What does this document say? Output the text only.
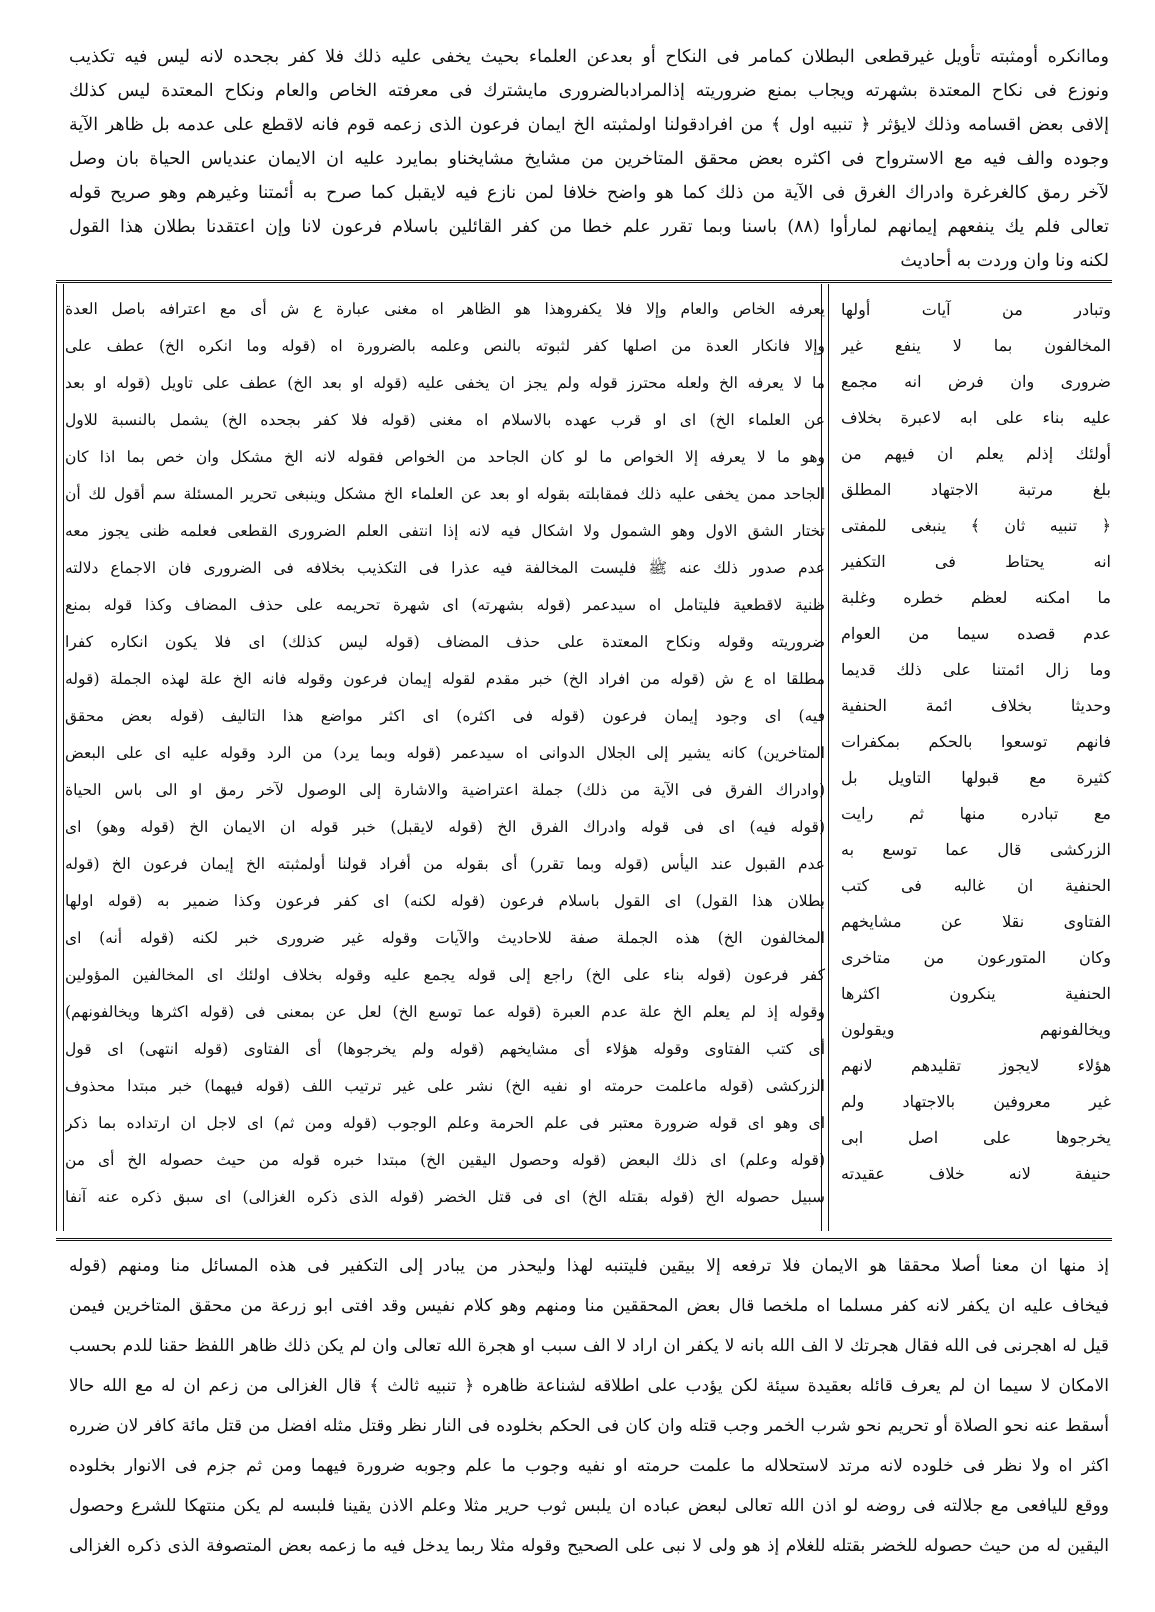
وماانكره أومثبته تأويل غيرقطعى البطلان كمامر فى النكاح أو بعدعن العلماء بحيث يخفى عليه ذلك فلا كفر بجحده لانه ليس فيه تكذيب
ونوزع فى نكاح المعتدة بشهرته ويجاب بمنع ضروريته إذالمرادبالضرورى مايشترك فى معرفته الخاص والعام ونكاح المعتدة ليس كذلك
إلافى بعض اقسامه وذلك لايؤثر ﴿ تنبيه اول ﴾ من افرادقولنا اولمثبته الخ ايمان فرعون الذى زعمه قوم فانه لاقطع على عدمه بل ظاهر الآية
وجوده والف فيه مع الاسترواح فى اكثره بعض محقق المتاخرين من مشايخ مشايخناو بمايرد عليه ان الايمان عندياس الحياة بان وصل
لآخر رمق كالغرغرة وادراك الغرق فى الآية من ذلك كما هو واضح خلافا لمن نازع فيه لايقبل كما صرح به أئمتنا وغيرهم وهو صريح قوله
تعالى فلم يك ينفعهم إيمانهم لمارأوا (٨٨) باسنا وبما تقرر علم خطا من كفر القائلين باسلام فرعون لانا وإن اعتقدنا بطلان هذا القول
لكنه ونا وان وردت به أحاديث
يعرفه الخاص والعام وإلا فلا يكفروهذا هو الظاهر اه مغنى عبارة ع ش أى مع اعترافه باصل العدة
وإلا فانكار العدة من اصلها كفر لثبوته بالنص وعلمه بالضرورة اه (قوله وما انكره الخ) عطف على
ما لا يعرفه الخ ولعله محترز قوله ولم يجز ان يخفى عليه (قوله او بعد الخ) عطف على تاويل (قوله او بعد
عن العلماء الخ) اى او قرب عهده بالاسلام اه مغنى (قوله فلا كفر بجحده الخ) يشمل بالنسبة للاول
وهو ما لا يعرفه إلا الخواص ما لو كان الجاحد من الخواص فقوله لانه الخ مشكل وان خص بما اذا كان
الجاحد ممن يخفى عليه ذلك فمقابلته بقوله او بعد عن العلماء الخ مشكل وينبغى تحرير المسئلة سم أقول لك أن
تختار الشق الاول وهو الشمول ولا اشكال فيه لانه إذا انتفى العلم الضرورى القطعى فعلمه ظنى يجوز معه
عدم صدور ذلك عنه ﷺ فليست المخالفة فيه عذرا فى التكذيب بخلافه فى الضرورى فان الاجماع دلالته
ظنية لاقطعية فليتامل اه سيدعمر (قوله بشهرته) اى شهرة تحريمه على حذف المضاف وكذا قوله بمنع
ضروريته وقوله ونكاح المعتدة على حذف المضاف (قوله ليس كذلك) اى فلا يكون انكاره كفرا
مطلقا اه ع ش (قوله من افراد الخ) خبر مقدم لقوله إيمان فرعون وقوله فانه الخ علة لهذه الجملة (قوله
فيه) اى وجود إيمان فرعون (قوله فى اكثره) اى اكثر مواضع هذا التاليف (قوله بعض محقق
المتاخرين) كانه يشير إلى الجلال الدوانى اه سيدعمر (قوله وبما يرد) من الرد وقوله عليه اى على البعض
(وادراك الفرق فى الآية من ذلك) جملة اعتراضية والاشارة إلى الوصول لآخر رمق او الى باس الحياة
(قوله فيه) اى فى قوله وادراك الفرق الخ (قوله لايقبل) خبر قوله ان الايمان الخ (قوله وهو) اى
عدم القبول عند اليأس (قوله وبما تقرر) أى بقوله من أفراد قولنا أولمثبته الخ إيمان فرعون الخ (قوله
بطلان هذا القول) اى القول باسلام فرعون (قوله لكنه) اى كفر فرعون وكذا ضمير به (قوله اولها
المخالفون الخ) هذه الجملة صفة للاحاديث والآيات وقوله غير ضرورى خبر لكنه (قوله أنه) اى
كفر فرعون (قوله بناء على الخ) راجع إلى قوله يجمع عليه وقوله بخلاف اولئك اى المخالفين المؤولين
وقوله إذ لم يعلم الخ علة عدم العبرة (قوله عما توسع الخ) لعل عن بمعنى فى (قوله اكثرها ويخالفونهم)
أى كتب الفتاوى وقوله هؤلاء أى مشايخهم (قوله ولم يخرجوها) أى الفتاوى (قوله انتهى) اى قول
الزركشى (قوله ماعلمت حرمته او نفيه الخ) نشر على غير ترتيب اللف (قوله فيهما) خبر مبتدا محذوف
اى وهو اى قوله ضرورة معتبر فى علم الحرمة وعلم الوجوب (قوله ومن ثم) اى لاجل ان ارتداده بما ذكر
(قوله وعلم) اى ذلك البعض (قوله وحصول اليقين الخ) مبتدا خبره قوله من حيث حصوله الخ أى من
سبيل حصوله الخ (قوله بقتله الخ) اى فى قتل الخضر (قوله الذى ذكره الغزالى) اى سبق ذكره عنه آنفا
وتبادر من آيات أولها
المخالفون بما لا ينفع غير
ضرورى وان فرض انه مجمع
عليه بناء على ابه لاعبرة بخلاف
أولئك إذلم يعلم ان فيهم من
بلغ مرتبة الاجتهاد المطلق
﴿ تنبيه ثان ﴾ ينبغى للمفتى
انه يحتاط فى التكفير
ما امكنه لعظم خطره وغلبة
عدم قصده سيما من العوام
وما زال ائمتنا على ذلك قديما
وحديثا بخلاف ائمة الحنفية
فانهم توسعوا بالحكم بمكفرات
كثيرة مع قبولها التاويل بل
مع تبادره منها ثم رايت
الزركشى قال عما توسع به
الحنفية ان غالبه فى كتب
الفتاوى نقلا عن مشايخهم
وكان المتورعون من متاخرى
الحنفية ينكرون اكثرها
ويخالفونهم ويقولون
هؤلاء لايجوز تقليدهم لانهم
غير معروفين بالاجتهاد ولم
يخرجوها على اصل ابى
حنيفة لانه خلاف عقيدته
إذ منها ان معنا أصلا محققا هو الايمان فلا ترفعه إلا بيقين فليتنبه لهذا وليحذر من يبادر إلى التكفير فى هذه المسائل منا ومنهم (قوله
فيخاف عليه ان يكفر لانه كفر مسلما اه ملخصا قال بعض المحققين منا ومنهم وهو كلام نفيس وقد افتى ابو زرعة من محقق المتاخرين فيمن
قيل له اهجرنى فى الله فقال هجرتك لا الف الله بانه لا يكفر ان اراد لا الف سبب او هجرة الله تعالى وان لم يكن ذلك ظاهر اللفظ حقنا للدم بحسب
الامكان لا سيما ان لم يعرف قائله بعقيدة سيئة لكن يؤدب على اطلاقه لشناعة ظاهره ﴿ تنبيه ثالث ﴾ قال الغزالى من زعم ان له مع الله حالا
أسقط عنه نحو الصلاة أو تحريم نحو شرب الخمر وجب قتله وان كان فى الحكم بخلوده فى النار نظر وقتل مثله افضل من قتل مائة كافر لان ضرره
اكثر اه ولا نظر فى خلوده لانه مرتد لاستحلاله ما علمت حرمته او نفيه وجوب ما علم وجوبه ضرورة فيهما ومن ثم جزم فى الانوار بخلوده
ووقع لليافعى مع جلالته فى روضه لو اذن الله تعالى لبعض عباده ان يلبس ثوب حرير مثلا وعلم الاذن يقينا فلبسه لم يكن منتهكا للشرع وحصول
اليقين له من حيث حصوله للخضر بقتله للغلام إذ هو ولى لا نبى على الصحيح وقوله مثلا ربما يدخل فيه ما زعمه بعض المتصوفة الذى ذكره الغزالى
